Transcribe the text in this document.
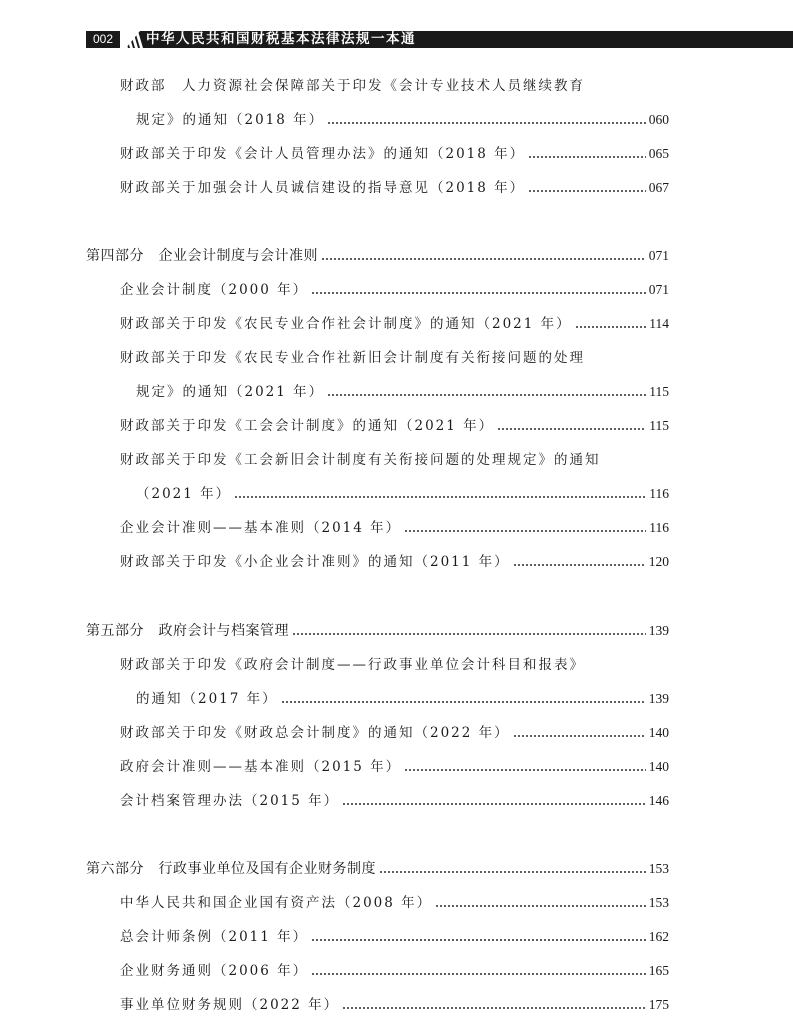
002	中华人民共和国财税基本法律法规一本通
财政部　人力资源社会保障部关于印发《会计专业技术人员继续教育
规定》的通知（2018 年）	060
财政部关于印发《会计人员管理办法》的通知（2018 年）	065
财政部关于加强会计人员诚信建设的指导意见（2018 年）	067
第四部分　企业会计制度与会计准则	071
企业会计制度（2000 年）	071
财政部关于印发《农民专业合作社会计制度》的通知（2021 年）	114
财政部关于印发《农民专业合作社新旧会计制度有关衔接问题的处理
规定》的通知（2021 年）	115
财政部关于印发《工会会计制度》的通知（2021 年）	115
财政部关于印发《工会新旧会计制度有关衔接问题的处理规定》的通知
（2021 年）	116
企业会计准则——基本准则（2014 年）	116
财政部关于印发《小企业会计准则》的通知（2011 年）	120
第五部分　政府会计与档案管理	139
财政部关于印发《政府会计制度——行政事业单位会计科目和报表》
的通知（2017 年）	139
财政部关于印发《财政总会计制度》的通知（2022 年）	140
政府会计准则——基本准则（2015 年）	140
会计档案管理办法（2015 年）	146
第六部分　行政事业单位及国有企业财务制度	153
中华人民共和国企业国有资产法（2008 年）	153
总会计师条例（2011 年）	162
企业财务通则（2006 年）	165
事业单位财务规则（2022 年）	175
